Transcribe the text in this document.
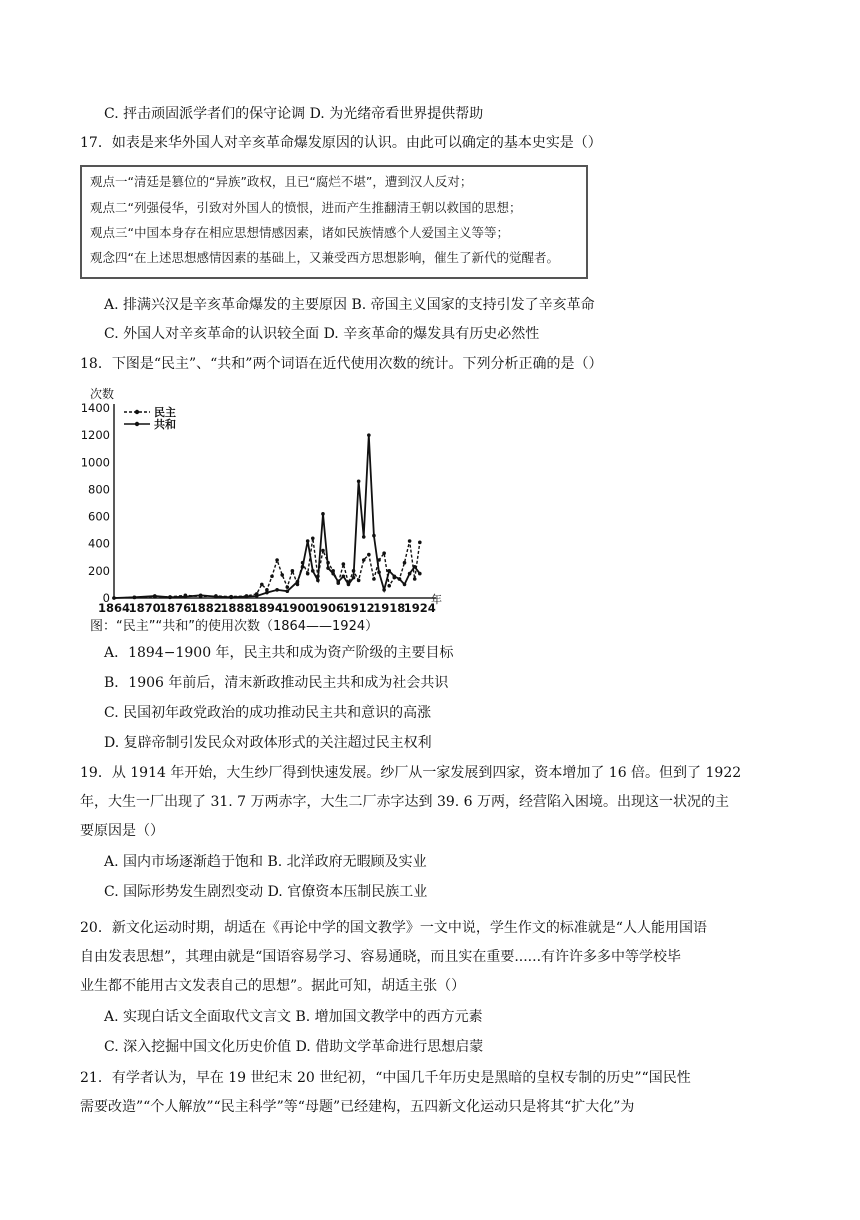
C. 抨击顽固派学者们的保守论调 D. 为光绪帝看世界提供帮助
17．如表是来华外国人对辛亥革命爆发原因的认识。由此可以确定的基本史实是（）
观点一“清廷是篡位的“异族”政权，且已“腐烂不堪”，遭到汉人反对；
观点二“列强侵华，引致对外国人的愤恨，进而产生推翻清王朝以救国的思想；
观点三“中国本身存在相应思想情感因素，诸如民族情感个人爱国主义等等；
观念四“在上述思想感情因素的基础上，又兼受西方思想影响，催生了新代的觉醒者。
A. 排满兴汉是辛亥革命爆发的主要原因 B. 帝国主义国家的支持引发了辛亥革命
C. 外国人对辛亥革命的认识较全面 D. 辛亥革命的爆发具有历史必然性
18．下图是“民主”、“共和”两个词语在近代使用次数的统计。下列分析正确的是（）
0
200
400
600
800
1000
1200
1400
1864
1870
1876
1882
1888
1894
1900
1906
1912
1918
1924
民主
共和
次数
年
图：“民主”“共和”的使用次数（1864——1924）
A．1894−1900 年，民主共和成为资产阶级的主要目标
B．1906 年前后，清末新政推动民主共和成为社会共识
C. 民国初年政党政治的成功推动民主共和意识的高涨
D. 复辟帝制引发民众对政体形式的关注超过民主权利
19．从 1914 年开始，大生纱厂得到快速发展。纱厂从一家发展到四家，资本增加了 16 倍。但到了 1922
年，大生一厂出现了 31. 7 万两赤字，大生二厂赤字达到 39. 6 万两，经营陷入困境。出现这一状况的主
要原因是（）
A. 国内市场逐渐趋于饱和 B. 北洋政府无暇顾及实业
C. 国际形势发生剧烈变动 D. 官僚资本压制民族工业
20．新文化运动时期，胡适在《再论中学的国文教学》一文中说，学生作文的标准就是“人人能用国语
自由发表思想”，其理由就是“国语容易学习、容易通晓，而且实在重要......有许许多多中等学校毕
业生都不能用古文发表自己的思想”。据此可知，胡适主张（）
A. 实现白话文全面取代文言文 B. 增加国文教学中的西方元素
C. 深入挖掘中国文化历史价值 D. 借助文学革命进行思想启蒙
21．有学者认为，早在 19 世纪末 20 世纪初，“中国几千年历史是黑暗的皇权专制的历史”“国民性
需要改造”“个人解放”“民主科学”等“母题”已经建构，五四新文化运动只是将其“扩大化”为
